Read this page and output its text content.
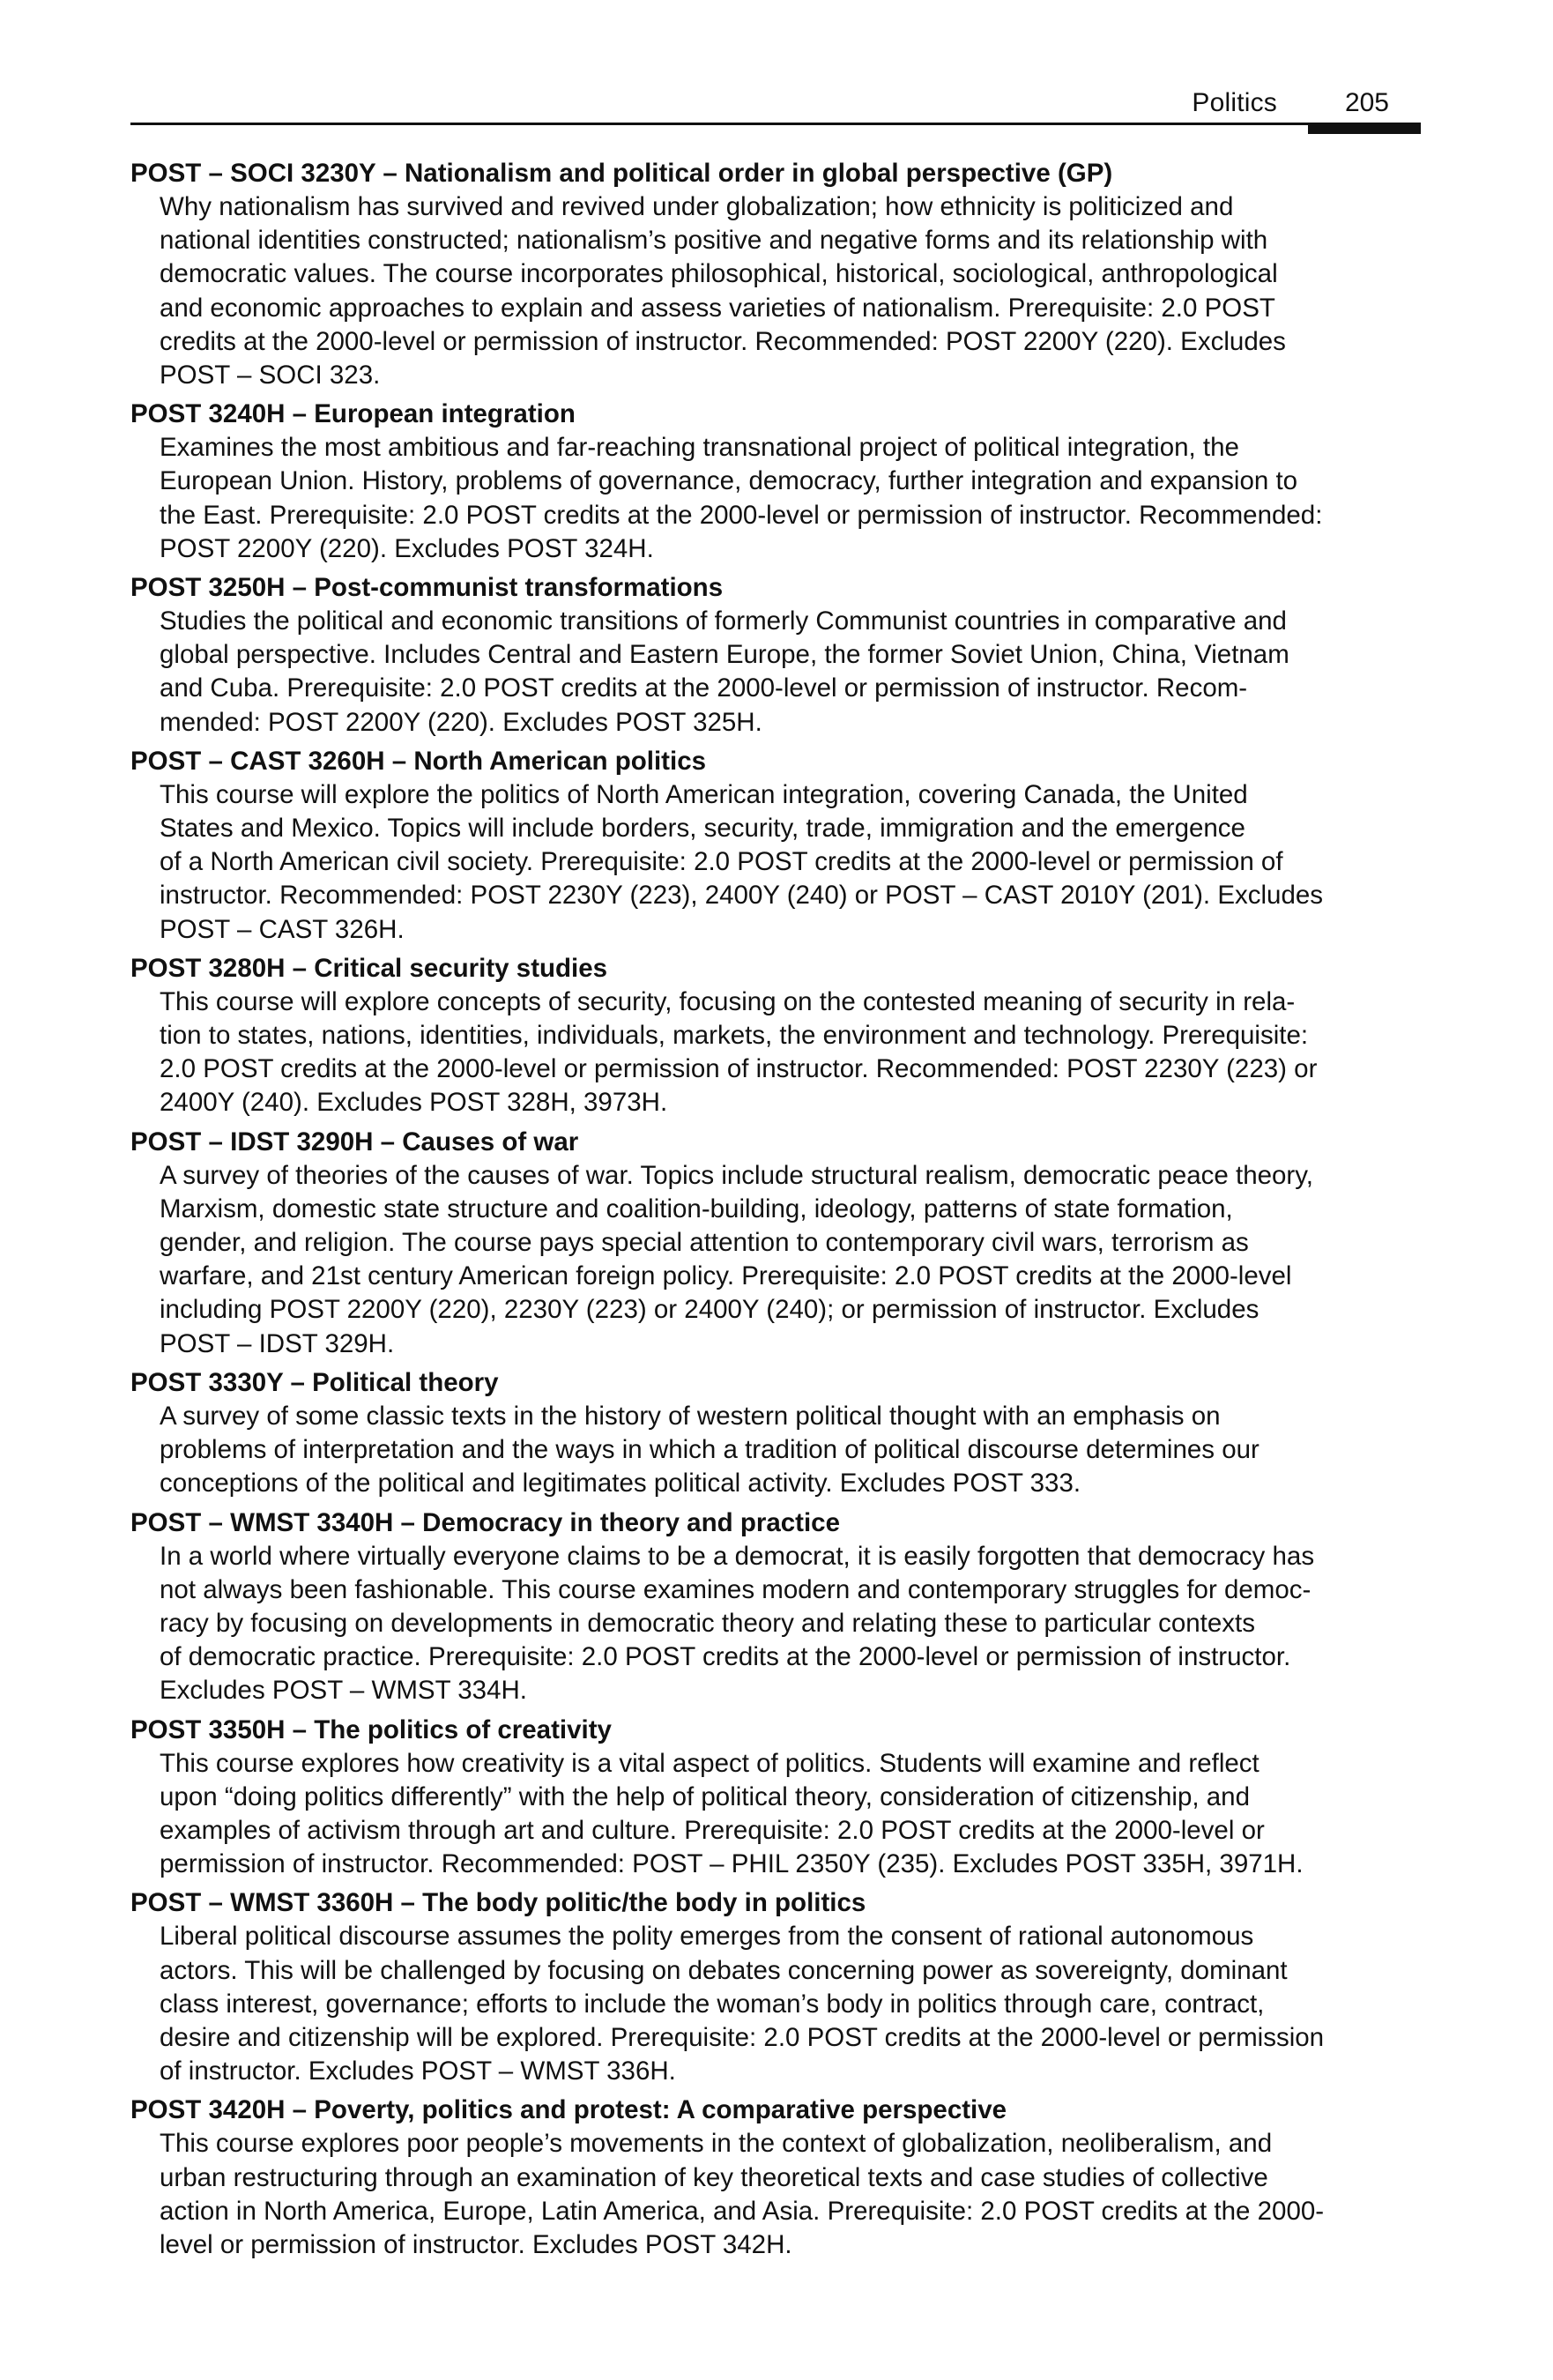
Politics	205
POST – SOCI 3230Y – Nationalism and political order in global perspective (GP)
Why nationalism has survived and revived under globalization; how ethnicity is politicized and
national identities constructed; nationalism’s positive and negative forms and its relationship with
democratic values. The course incorporates philosophical, historical, sociological, anthropological
and economic approaches to explain and assess varieties of nationalism. Prerequisite: 2.0 POST
credits at the 2000-level or permission of instructor. Recommended: POST 2200Y (220). Excludes
POST – SOCI 323.
POST 3240H – European integration
Examines the most ambitious and far-reaching transnational project of political integration, the
European Union. History, problems of governance, democracy, further integration and expansion to
the East. Prerequisite: 2.0 POST credits at the 2000-level or permission of instructor. Recommended:
POST 2200Y (220). Excludes POST 324H.
POST 3250H – Post-communist transformations
Studies the political and economic transitions of formerly Communist countries in comparative and
global perspective. Includes Central and Eastern Europe, the former Soviet Union, China, Vietnam
and Cuba. Prerequisite: 2.0 POST credits at the 2000-level or permission of instructor. Recom-
mended: POST 2200Y (220). Excludes POST 325H.
POST – CAST 3260H – North American politics
This course will explore the politics of North American integration, covering Canada, the United
States and Mexico. Topics will include borders, security, trade, immigration and the emergence
of a North American civil society. Prerequisite: 2.0 POST credits at the 2000-level or permission of
instructor. Recommended: POST 2230Y (223), 2400Y (240) or POST – CAST 2010Y (201). Excludes
POST – CAST 326H.
POST 3280H – Critical security studies
This course will explore concepts of security, focusing on the contested meaning of security in rela-
tion to states, nations, identities, individuals, markets, the environment and technology. Prerequisite:
2.0 POST credits at the 2000-level or permission of instructor. Recommended: POST 2230Y (223) or
2400Y (240). Excludes POST 328H, 3973H.
POST – IDST 3290H – Causes of war
A survey of theories of the causes of war. Topics include structural realism, democratic peace theory,
Marxism, domestic state structure and coalition-building, ideology, patterns of state formation,
gender, and religion. The course pays special attention to contemporary civil wars, terrorism as
warfare, and 21st century American foreign policy. Prerequisite: 2.0 POST credits at the 2000-level
including POST 2200Y (220), 2230Y (223) or 2400Y (240); or permission of instructor. Excludes
POST – IDST 329H.
POST 3330Y – Political theory
A survey of some classic texts in the history of western political thought with an emphasis on
problems of interpretation and the ways in which a tradition of political discourse determines our
conceptions of the political and legitimates political activity. Excludes POST 333.
POST – WMST 3340H – Democracy in theory and practice
In a world where virtually everyone claims to be a democrat, it is easily forgotten that democracy has
not always been fashionable. This course examines modern and contemporary struggles for democ-
racy by focusing on developments in democratic theory and relating these to particular contexts
of democratic practice. Prerequisite: 2.0 POST credits at the 2000-level or permission of instructor.
Excludes POST – WMST 334H.
POST 3350H – The politics of creativity
This course explores how creativity is a vital aspect of politics. Students will examine and reflect
upon “doing politics differently” with the help of political theory, consideration of citizenship, and
examples of activism through art and culture. Prerequisite: 2.0 POST credits at the 2000-level or
permission of instructor. Recommended: POST – PHIL 2350Y (235). Excludes POST 335H, 3971H.
POST – WMST 3360H – The body politic/the body in politics
Liberal political discourse assumes the polity emerges from the consent of rational autonomous
actors. This will be challenged by focusing on debates concerning power as sovereignty, dominant
class interest, governance; efforts to include the woman’s body in politics through care, contract,
desire and citizenship will be explored. Prerequisite: 2.0 POST credits at the 2000-level or permission
of instructor. Excludes POST – WMST 336H.
POST 3420H – Poverty, politics and protest: A comparative perspective
This course explores poor people’s movements in the context of globalization, neoliberalism, and
urban restructuring through an examination of key theoretical texts and case studies of collective
action in North America, Europe, Latin America, and Asia. Prerequisite: 2.0 POST credits at the 2000-
level or permission of instructor. Excludes POST 342H.
